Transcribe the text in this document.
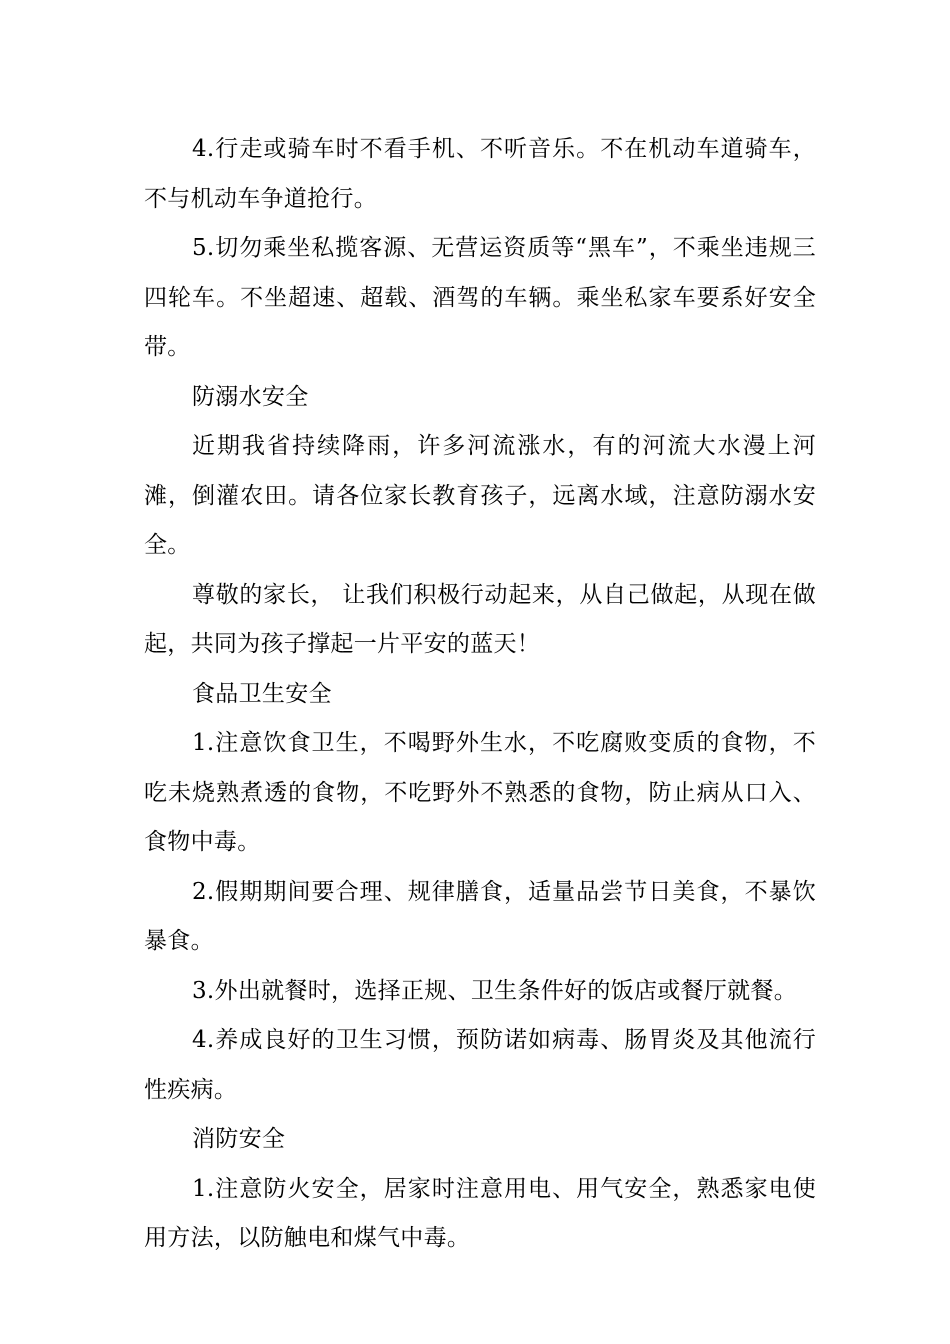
4.行走或骑车时不看手机、不听音乐。不在机动车道骑车，不与机动车争道抢行。

5.切勿乘坐私揽客源、无营运资质等“黑车”，不乘坐违规三四轮车。不坐超速、超载、酒驾的车辆。乘坐私家车要系好安全带。

防溺水安全

近期我省持续降雨，许多河流涨水，有的河流大水漫上河滩，倒灌农田。请各位家长教育孩子，远离水域，注意防溺水安全。

尊敬的家长， 让我们积极行动起来，从自己做起，从现在做起，共同为孩子撑起一片平安的蓝天！

食品卫生安全

1.注意饮食卫生，不喝野外生水，不吃腐败变质的食物，不吃未烧熟煮透的食物，不吃野外不熟悉的食物，防止病从口入、食物中毒。

2.假期期间要合理、规律膳食，适量品尝节日美食，不暴饮暴食。

3.外出就餐时，选择正规、卫生条件好的饭店或餐厅就餐。

4.养成良好的卫生习惯，预防诺如病毒、肠胃炎及其他流行性疾病。

消防安全

1.注意防火安全，居家时注意用电、用气安全，熟悉家电使用方法，以防触电和煤气中毒。
